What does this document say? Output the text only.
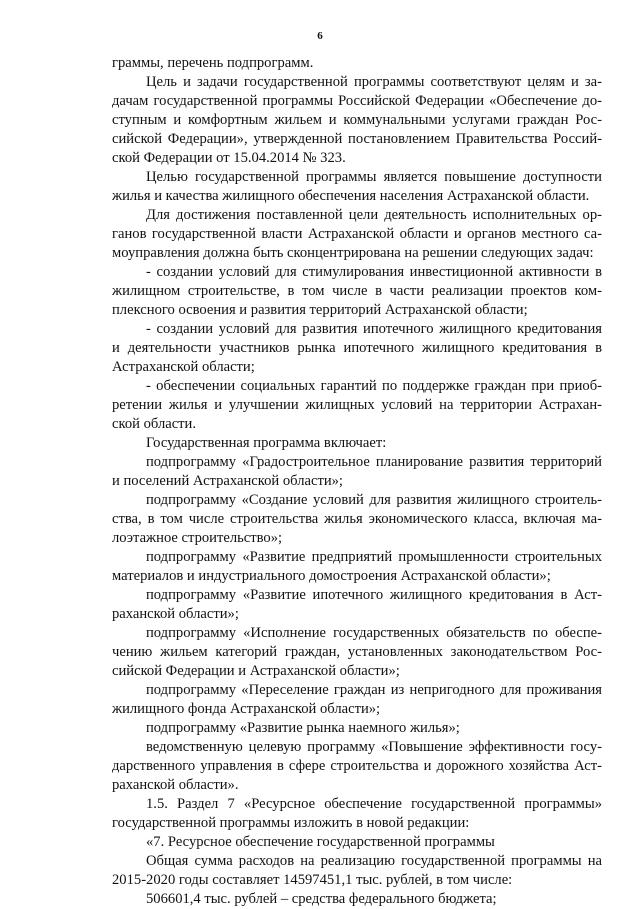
6
граммы, перечень подпрограмм.
Цель и задачи государственной программы соответствуют целям и за-
дачам государственной программы Российской Федерации «Обеспечение до-
ступным и комфортным жильем и коммунальными услугами граждан Рос-
сийской Федерации», утвержденной постановлением Правительства Россий-
ской Федерации от 15.04.2014 № 323.
Целью государственной программы является повышение доступности
жилья и качества жилищного обеспечения населения Астраханской области.
Для достижения поставленной цели деятельность исполнительных ор-
ганов государственной власти Астраханской области и органов местного са-
моуправления должна быть сконцентрирована на решении следующих задач:
- создании условий для стимулирования инвестиционной активности в
жилищном строительстве, в том числе в части реализации проектов ком-
плексного освоения и развития территорий Астраханской области;
- создании условий для развития ипотечного жилищного кредитования
и деятельности участников рынка ипотечного жилищного кредитования в
Астраханской области;
- обеспечении социальных гарантий по поддержке граждан при приоб-
ретении жилья и улучшении жилищных условий на территории Астрахан-
ской области.
Государственная программа включает:
подпрограмму «Градостроительное планирование развития территорий
и поселений Астраханской области»;
подпрограмму «Создание условий для развития жилищного строитель-
ства, в том числе строительства жилья экономического класса, включая ма-
лоэтажное строительство»;
подпрограмму «Развитие предприятий промышленности строительных
материалов и индустриального домостроения Астраханской области»;
подпрограмму «Развитие ипотечного жилищного кредитования в Аст-
раханской области»;
подпрограмму «Исполнение государственных обязательств по обеспе-
чению жильем категорий граждан, установленных законодательством Рос-
сийской Федерации и Астраханской области»;
подпрограмму «Переселение граждан из непригодного для проживания
жилищного фонда Астраханской области»;
подпрограмму «Развитие рынка наемного жилья»;
ведомственную целевую программу «Повышение эффективности госу-
дарственного управления в сфере строительства и дорожного хозяйства Аст-
раханской области».
1.5. Раздел 7 «Ресурсное обеспечение государственной программы»
государственной программы изложить в новой редакции:
«7. Ресурсное обеспечение государственной программы
Общая сумма расходов на реализацию государственной программы на
2015-2020 годы составляет 14597451,1 тыс. рублей, в том числе:
506601,4 тыс. рублей – средства федерального бюджета;
